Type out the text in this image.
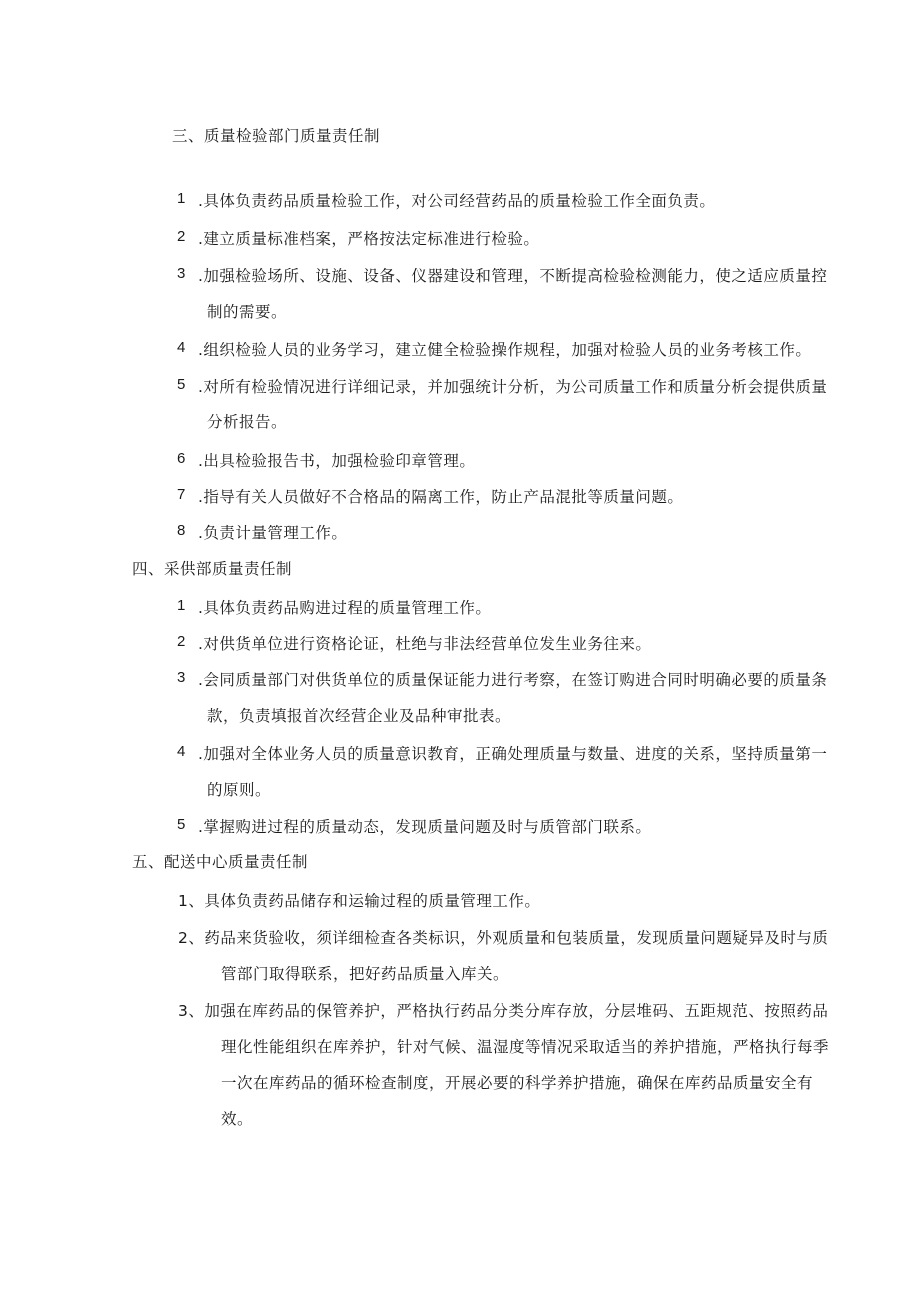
三、质量检验部门质量责任制
1 .具体负责药品质量检验工作，对公司经营药品的质量检验工作全面负责。
2 .建立质量标准档案，严格按法定标准进行检验。
3 .加强检验场所、设施、设备、仪器建设和管理，不断提高检验检测能力，使之适应质量控
制的需要。
4 .组织检验人员的业务学习，建立健全检验操作规程，加强对检验人员的业务考核工作。
5 .对所有检验情况进行详细记录，并加强统计分析，为公司质量工作和质量分析会提供质量
分析报告。
6 .出具检验报告书，加强检验印章管理。
7 .指导有关人员做好不合格品的隔离工作，防止产品混批等质量问题。
8 .负责计量管理工作。
四、采供部质量责任制
1 .具体负责药品购进过程的质量管理工作。
2 .对供货单位进行资格论证，杜绝与非法经营单位发生业务往来。
3 .会同质量部门对供货单位的质量保证能力进行考察，在签订购进合同时明确必要的质量条
款，负责填报首次经营企业及品种审批表。
4 .加强对全体业务人员的质量意识教育，正确处理质量与数量、进度的关系，坚持质量第一
的原则。
5 .掌握购进过程的质量动态，发现质量问题及时与质管部门联系。
五、配送中心质量责任制
1、具体负责药品储存和运输过程的质量管理工作。
2、药品来货验收，须详细检查各类标识，外观质量和包装质量，发现质量问题疑异及时与质
管部门取得联系，把好药品质量入库关。
3、加强在库药品的保管养护，严格执行药品分类分库存放，分层堆码、五距规范、按照药品
理化性能组织在库养护，针对气候、温湿度等情况采取适当的养护措施，严格执行每季
一次在库药品的循环检查制度，开展必要的科学养护措施，确保在库药品质量安全有
效。
